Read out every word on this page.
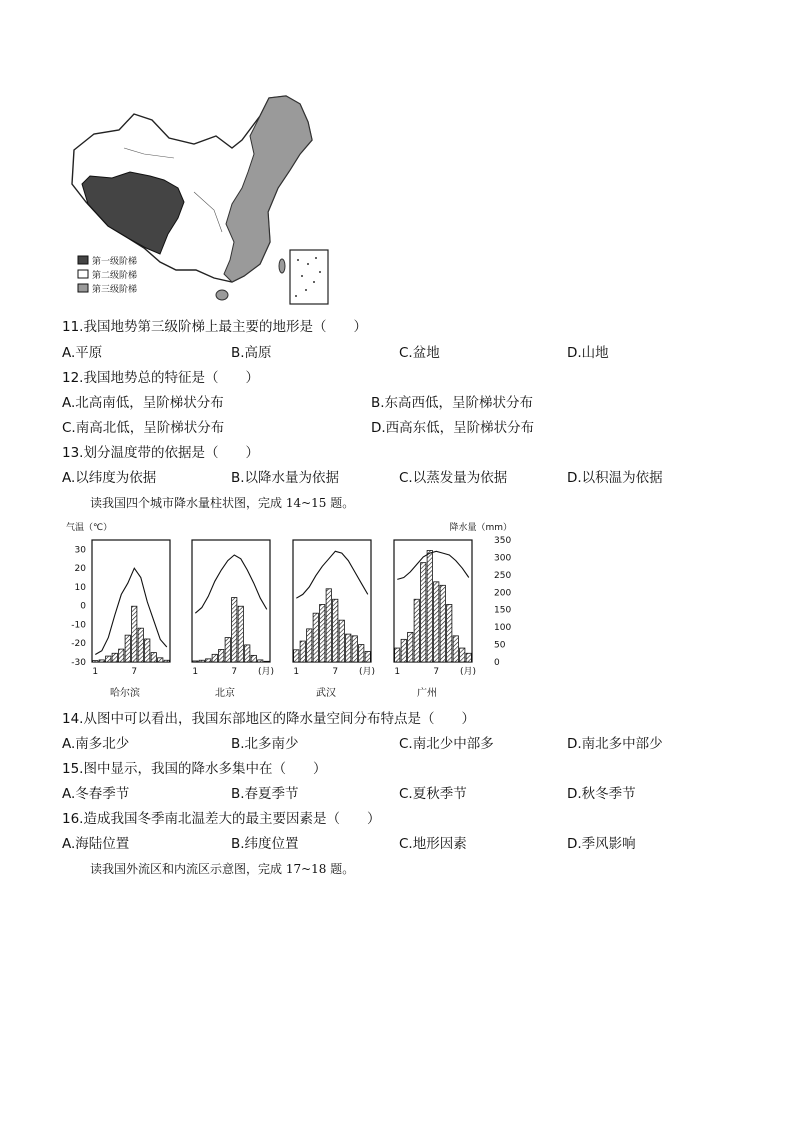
第一级阶梯
第二级阶梯
第三级阶梯
11.我国地势第三级阶梯上最主要的地形是（　　）
A.平原	B.高原	C.盆地	D.山地
12.我国地势总的特征是（　　）
A.北高南低，呈阶梯状分布	B.东高西低，呈阶梯状分布
C.南高北低，呈阶梯状分布	D.西高东低，呈阶梯状分布
13.划分温度带的依据是（　　）
A.以纬度为依据	B.以降水量为依据	C.以蒸发量为依据	D.以积温为依据
读我国四个城市降水量柱状图，完成 14~15 题。
气温（℃）	降水量（mm）
30
20
10
0
-10
-20
-30
350
300
250
200
150
100
50
0
1	7
哈尔滨
1	7 (月)
北京
1	7 (月)
武汉
1	7 (月)
广州
14.从图中可以看出，我国东部地区的降水量空间分布特点是（　　）
A.南多北少	B.北多南少	C.南北少中部多	D.南北多中部少
15.图中显示，我国的降水多集中在（　　）
A.冬春季节	B.春夏季节	C.夏秋季节	D.秋冬季节
16.造成我国冬季南北温差大的最主要因素是（　　）
A.海陆位置	B.纬度位置	C.地形因素	D.季风影响
读我国外流区和内流区示意图，完成 17~18 题。
